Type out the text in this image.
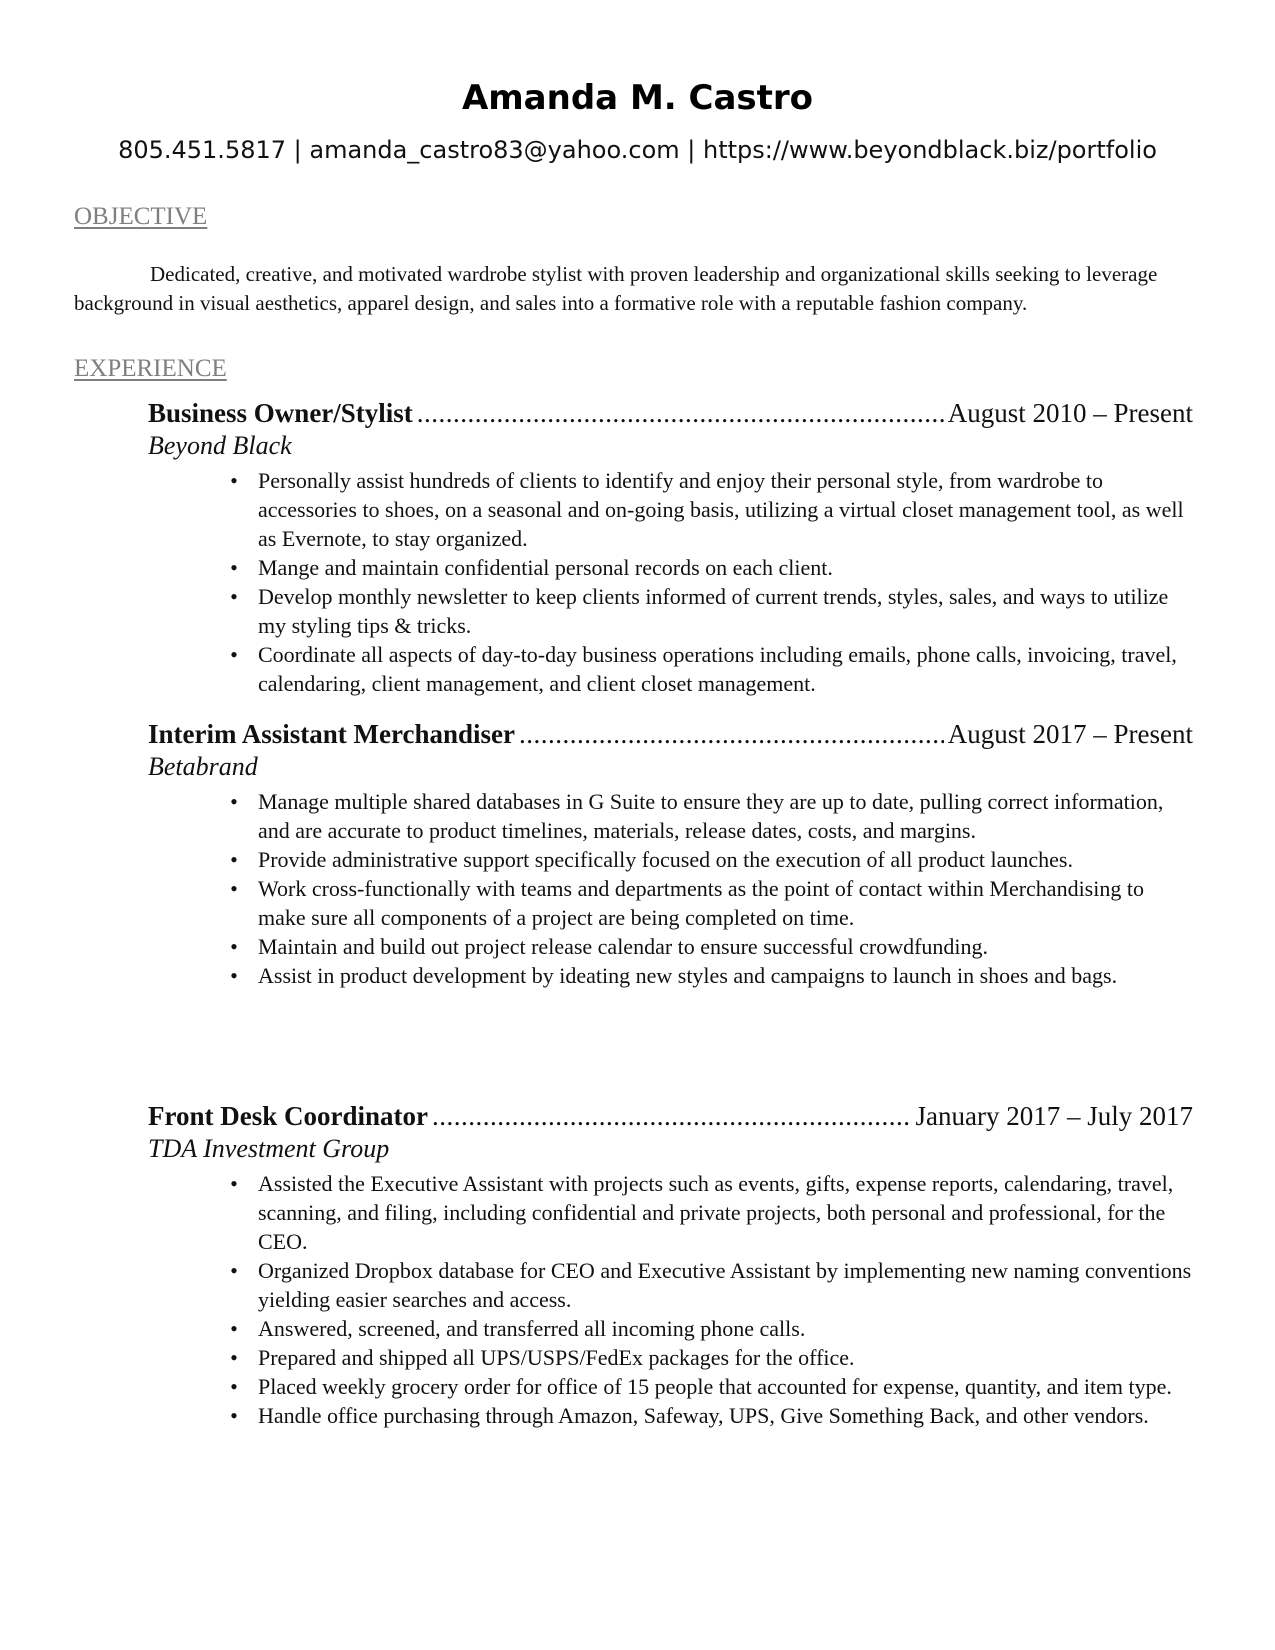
Amanda M. Castro
805.451.5817 | amanda_castro83@yahoo.com | https://www.beyondblack.biz/portfolio
OBJECTIVE

Dedicated, creative, and motivated wardrobe stylist with proven leadership and organizational skills seeking to leverage background in visual aesthetics, apparel design, and sales into a formative role with a reputable fashion company.

EXPERIENCE
Business Owner/Stylist .....	August 2010 – Present
Beyond Black
• Personally assist hundreds of clients to identify and enjoy their personal style, from wardrobe to accessories to shoes, on a seasonal and on-going basis, utilizing a virtual closet management tool, as well as Evernote, to stay organized.
• Mange and maintain confidential personal records on each client.
• Develop monthly newsletter to keep clients informed of current trends, styles, sales, and ways to utilize my styling tips & tricks.
• Coordinate all aspects of day-to-day business operations including emails, phone calls, invoicing, travel, calendaring, client management, and client closet management.
Interim Assistant Merchandiser .....	August 2017 – Present
Betabrand
• Manage multiple shared databases in G Suite to ensure they are up to date, pulling correct information, and are accurate to product timelines, materials, release dates, costs, and margins.
• Provide administrative support specifically focused on the execution of all product launches.
• Work cross-functionally with teams and departments as the point of contact within Merchandising to make sure all components of a project are being completed on time.
• Maintain and build out project release calendar to ensure successful crowdfunding.
• Assist in product development by ideating new styles and campaigns to launch in shoes and bags.
Front Desk Coordinator .....	January 2017 – July 2017
TDA Investment Group
• Assisted the Executive Assistant with projects such as events, gifts, expense reports, calendaring, travel, scanning, and filing, including confidential and private projects, both personal and professional, for the CEO.
• Organized Dropbox database for CEO and Executive Assistant by implementing new naming conventions yielding easier searches and access.
• Answered, screened, and transferred all incoming phone calls.
• Prepared and shipped all UPS/USPS/FedEx packages for the office.
• Placed weekly grocery order for office of 15 people that accounted for expense, quantity, and item type.
• Handle office purchasing through Amazon, Safeway, UPS, Give Something Back, and other vendors.
